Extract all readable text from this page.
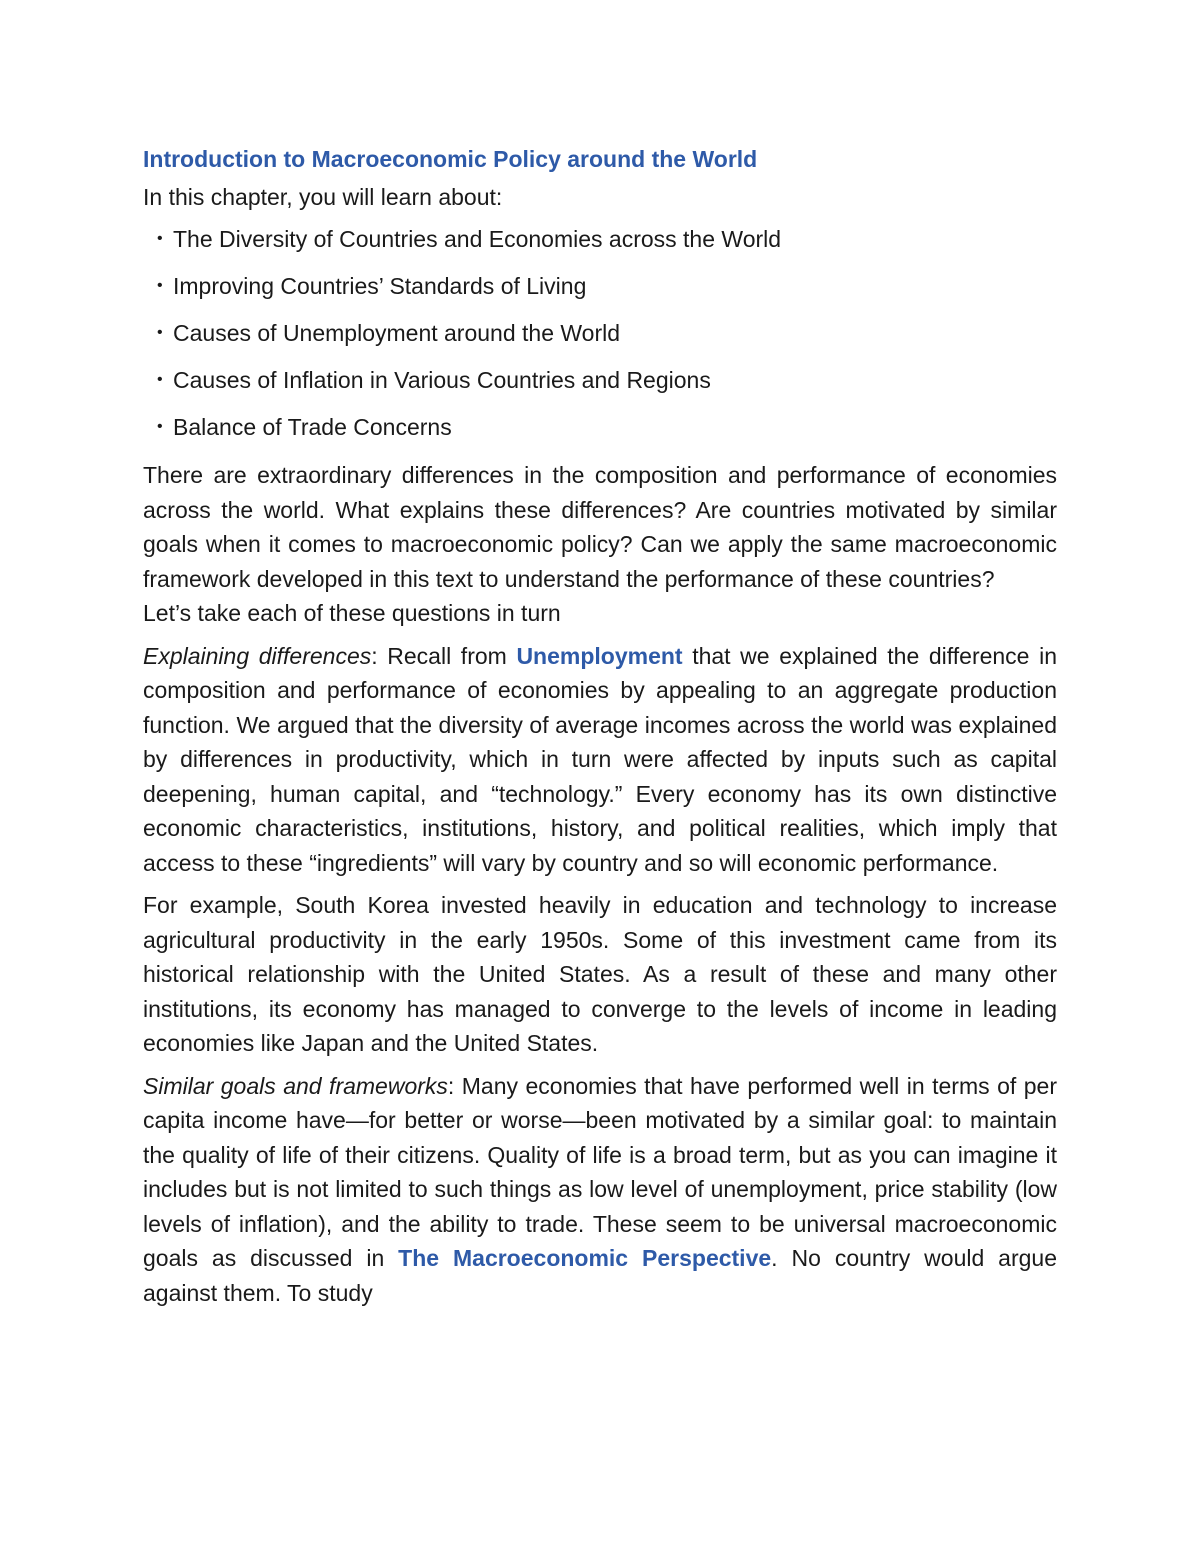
Introduction to Macroeconomic Policy around the World
In this chapter, you will learn about:
• The Diversity of Countries and Economies across the World
• Improving Countries’ Standards of Living
• Causes of Unemployment around the World
• Causes of Inflation in Various Countries and Regions
• Balance of Trade Concerns

There are extraordinary differences in the composition and performance of economies across the world. What explains these differences? Are countries motivated by similar goals when it comes to macroeconomic policy? Can we apply the same macroeconomic framework developed in this text to understand the performance of these countries?

Let’s take each of these questions in turn

Explaining differences: Recall from Unemployment that we explained the difference in composition and performance of economies by appealing to an aggregate production function. We argued that the diversity of average incomes across the world was explained by differences in productivity, which in turn were affected by inputs such as capital deepening, human capital, and “technology.” Every economy has its own distinctive economic characteristics, institutions, history, and political realities, which imply that access to these “ingredients” will vary by country and so will economic performance.

For example, South Korea invested heavily in education and technology to increase agricultural productivity in the early 1950s. Some of this investment came from its historical relationship with the United States. As a result of these and many other institutions, its economy has managed to converge to the levels of income in leading economies like Japan and the United States.

Similar goals and frameworks: Many economies that have performed well in terms of per capita income have—for better or worse—been motivated by a similar goal: to maintain the quality of life of their citizens. Quality of life is a broad term, but as you can imagine it includes but is not limited to such things as low level of unemployment, price stability (low levels of inflation), and the ability to trade. These seem to be universal macroeconomic goals as discussed in The Macroeconomic Perspective. No country would argue against them. To study
